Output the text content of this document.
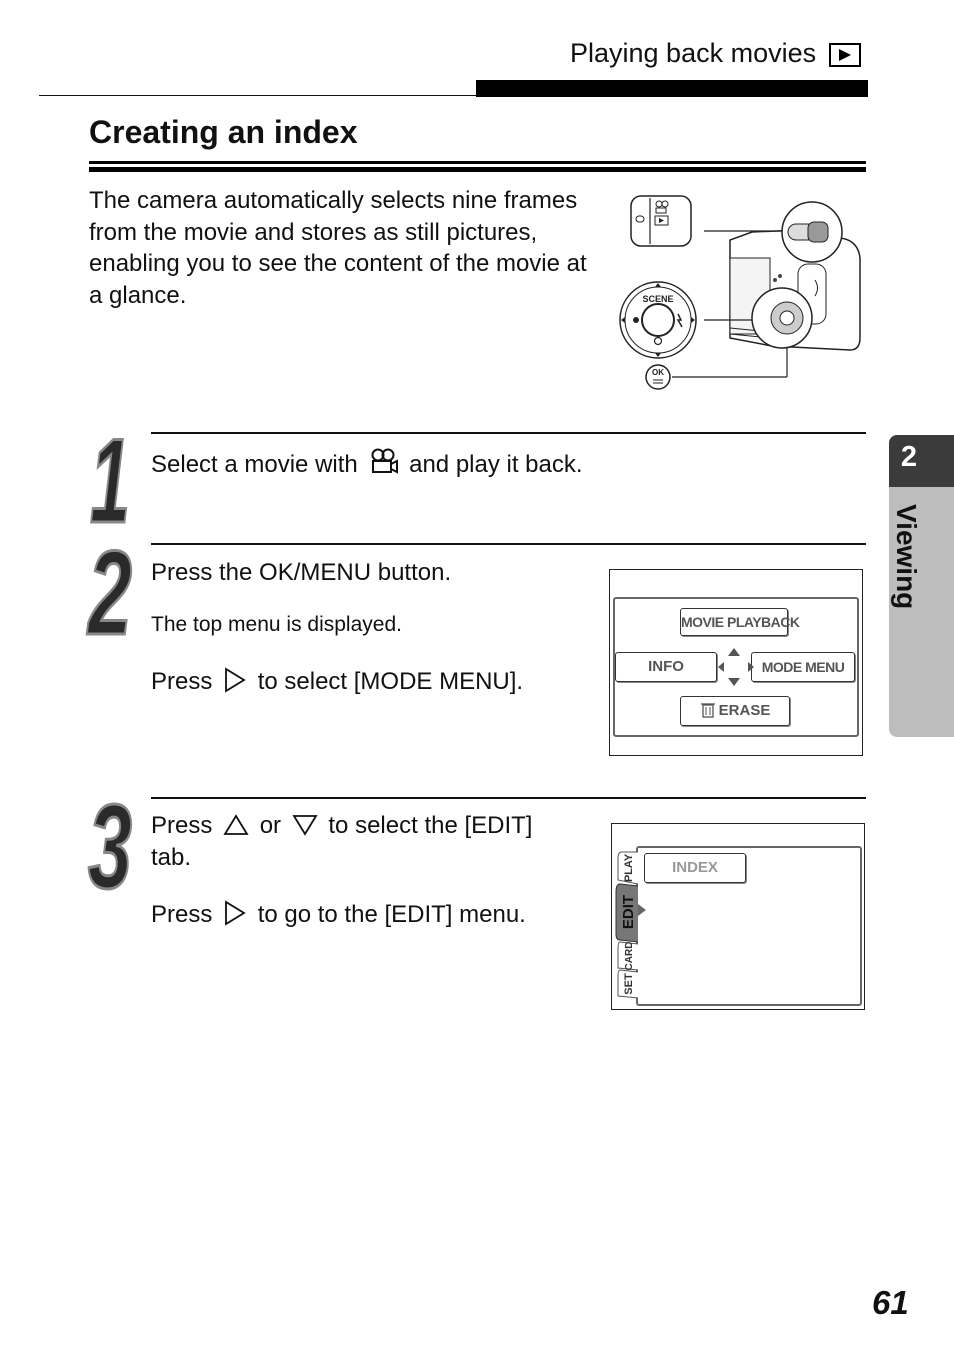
Playing back movies
Creating an index
The camera automatically selects nine frames from the movie and stores as still pictures, enabling you to see the content of the movie at a glance.	SCENE
OK
1 Select a movie with and play it back.
2 Press the OK/MENU button.
The top menu is displayed.
Press to select [MODE MENU].
MOVIE PLAYBACK
INFO	MODE MENU
ERASE
3 Press or to select the [EDIT]
tab.
Press to go to the [EDIT] menu.
PLAY
EDIT
CARD
SET
INDEX
2
Viewing
61
